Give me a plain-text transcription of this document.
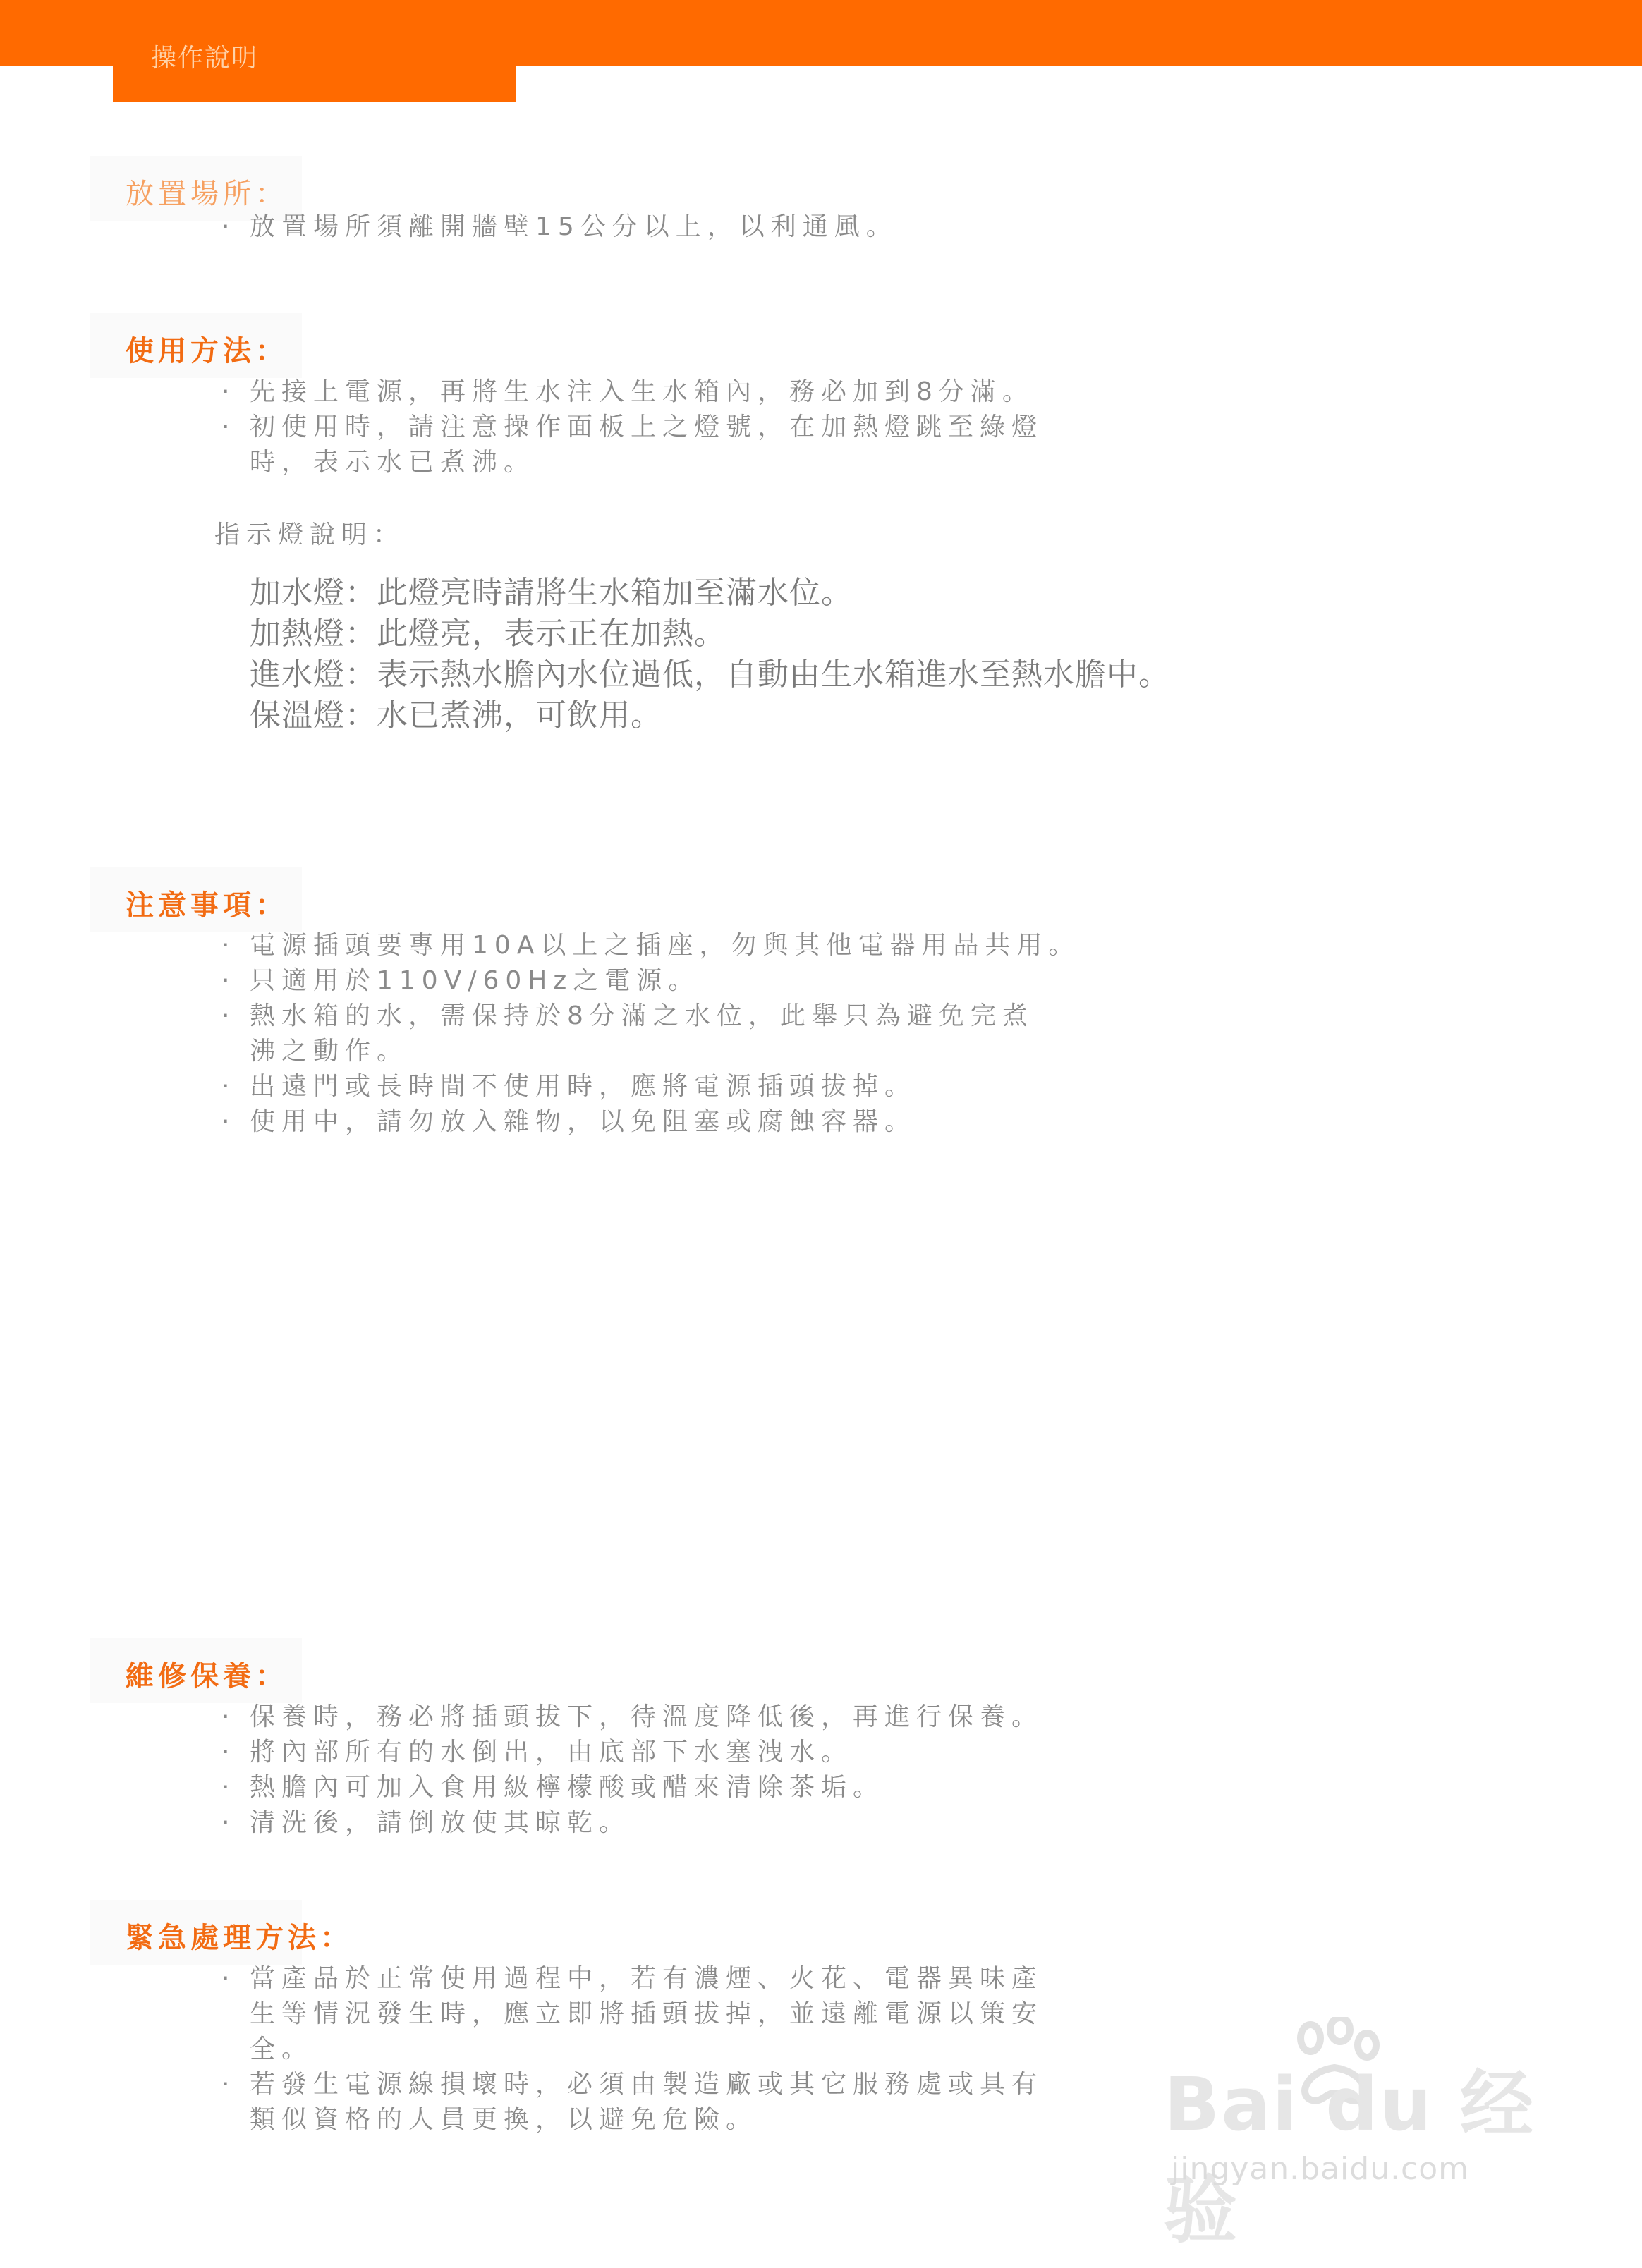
操作說明
放置場所：
· 放置場所須離開牆壁15公分以上，以利通風。
使用方法：
· 先接上電源，再將生水注入生水箱內，務必加到8分滿。
· 初使用時，請注意操作面板上之燈號，在加熱燈跳至綠燈
時，表示水已煮沸。
指示燈說明：
加水燈：此燈亮時請將生水箱加至滿水位。
加熱燈：此燈亮，表示正在加熱。
進水燈：表示熱水膽內水位過低，自動由生水箱進水至熱水膽中。
保溫燈：水已煮沸，可飲用。
注意事項：
· 電源插頭要專用10A以上之插座，勿與其他電器用品共用。
· 只適用於110V/60Hz之電源。
· 熱水箱的水，需保持於8分滿之水位，此舉只為避免完煮
沸之動作。
· 出遠門或長時間不使用時，應將電源插頭拔掉。
· 使用中，請勿放入雜物，以免阻塞或腐蝕容器。
維修保養：
· 保養時，務必將插頭拔下，待溫度降低後，再進行保養。
· 將內部所有的水倒出，由底部下水塞洩水。
· 熱膽內可加入食用級檸檬酸或醋來清除茶垢。
· 清洗後，請倒放使其晾乾。
緊急處理方法：
· 當產品於正常使用過程中，若有濃煙、火花、電器異味產
生等情況發生時，應立即將插頭拔掉，並遠離電源以策安
全。
· 若發生電源線損壞時，必須由製造廠或其它服務處或具有
類似資格的人員更換，以避免危險。	Bai du 经验
jingyan.baidu.com
